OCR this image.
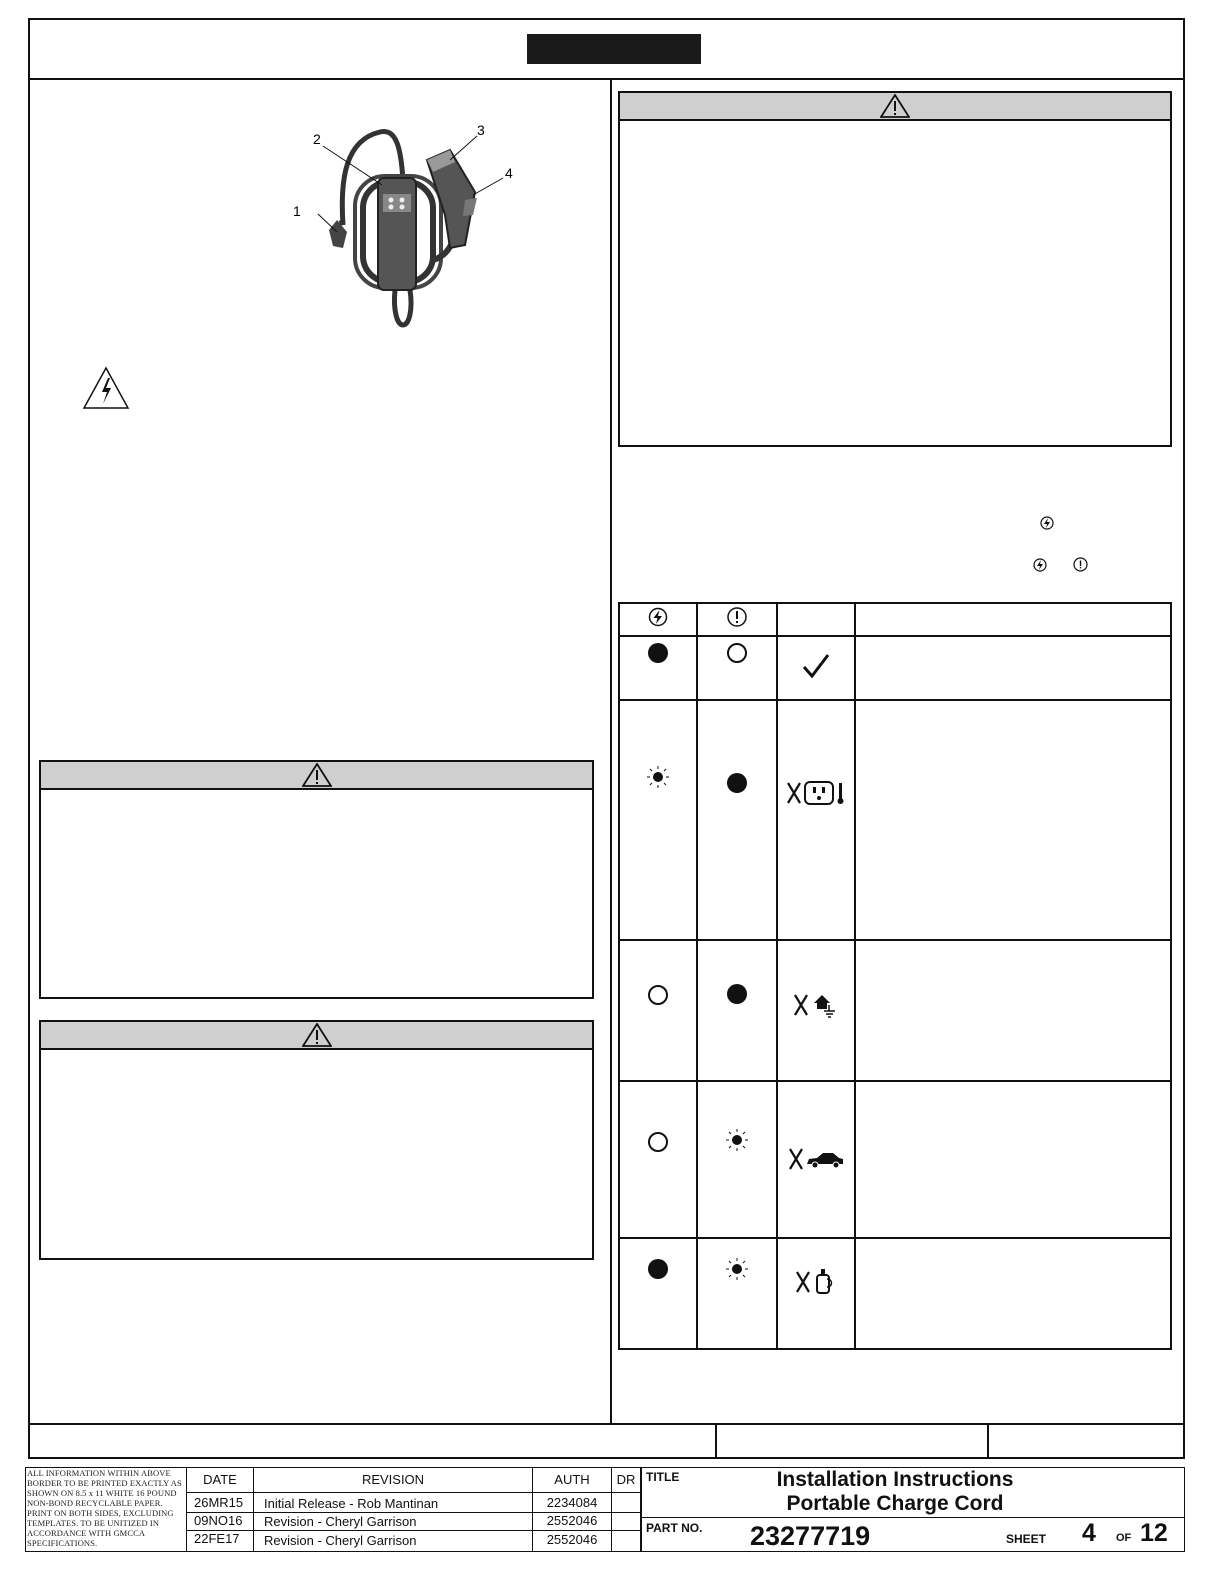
1
2
3
4

ALL INFORMATION WITHIN ABOVE BORDER TO BE PRINTED EXACTLY AS SHOWN ON 8.5 x 11 WHITE 16 POUND NON-BOND RECYCLABLE PAPER. PRINT ON BOTH SIDES, EXCLUDING TEMPLATES. TO BE UNITIZED IN ACCORDANCE WITH GMCCA SPECIFICATIONS.
DATE	REVISION	AUTH	DR
26MR15 Initial Release - Rob Mantinan	2234084
09NO16 Revision - Cheryl Garrison	2552046
22FE17 Revision - Cheryl Garrison	2552046
TITLE	Installation Instructions
Portable Charge Cord
PART NO. 23277719	SHEET 4 OF 12
